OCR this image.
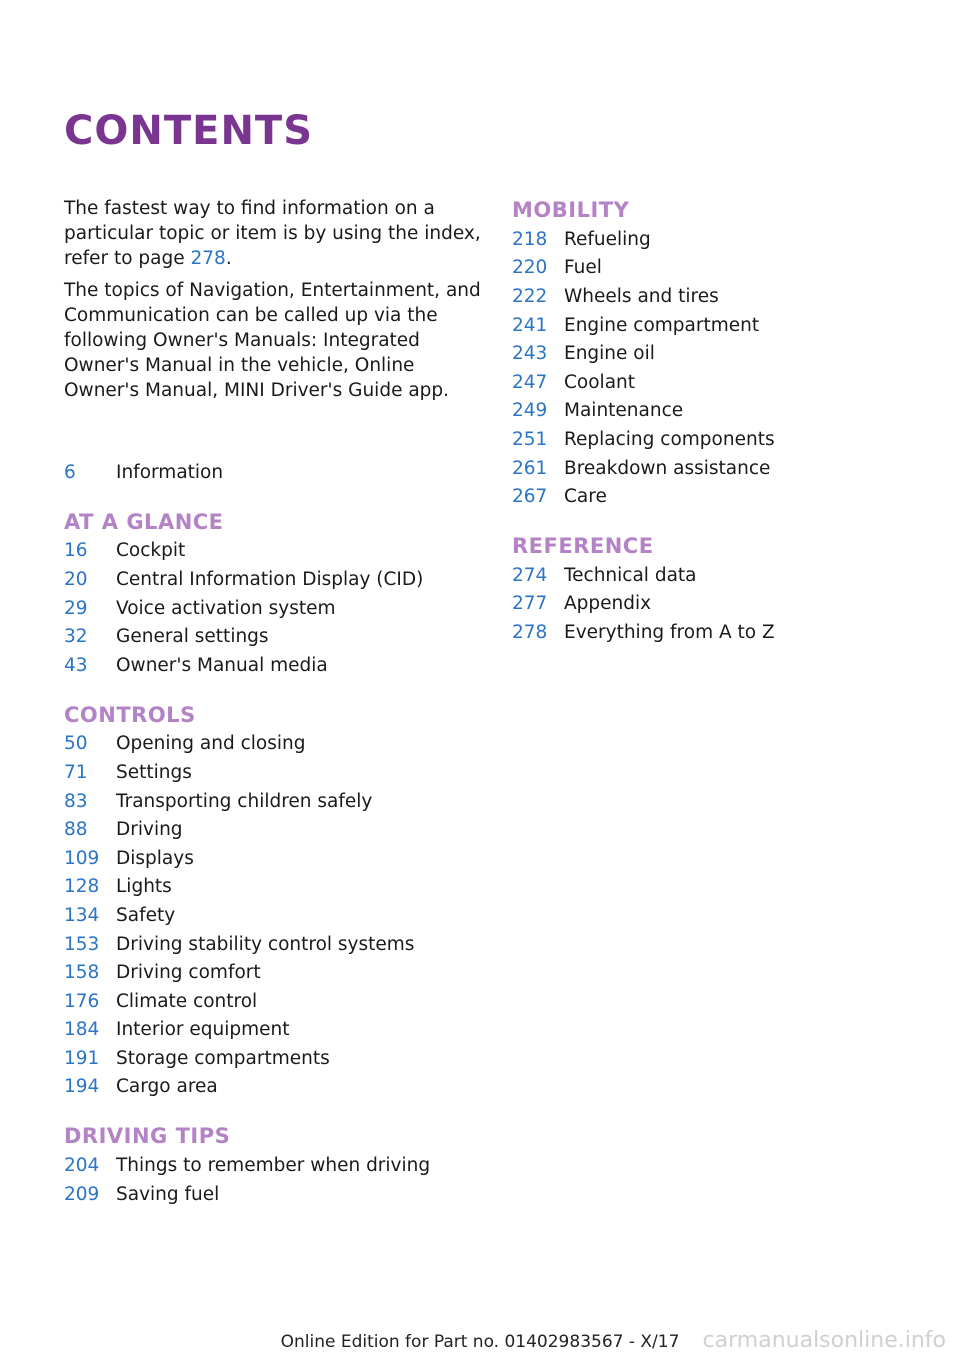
CONTENTS

The fastest way to find information on a particular topic or item is by using the index, refer to page 278.

The topics of Navigation, Entertainment, and Communication can be called up via the following Owner's Manuals: Integrated Owner's Manual in the vehicle, Online Owner's Manual, MINI Driver's Guide app.

6	Information
AT A GLANCE
16	Cockpit
20	Central Information Display (CID)
29	Voice activation system
32	General settings
43	Owner's Manual media
CONTROLS
50	Opening and closing
71	Settings
83	Transporting children safely
88	Driving
109 Displays
128 Lights
134 Safety
153 Driving stability control systems
158 Driving comfort
176 Climate control
184 Interior equipment
191 Storage compartments
194 Cargo area
DRIVING TIPS
204 Things to remember when driving
209 Saving fuel
MOBILITY
218 Refueling
220 Fuel
222 Wheels and tires
241 Engine compartment
243 Engine oil
247 Coolant
249 Maintenance
251 Replacing components
261 Breakdown assistance
267 Care
REFERENCE
274 Technical data
277 Appendix
278 Everything from A to Z
Online Edition for Part no. 01402983567 - X/17	carmanualsonline.info
